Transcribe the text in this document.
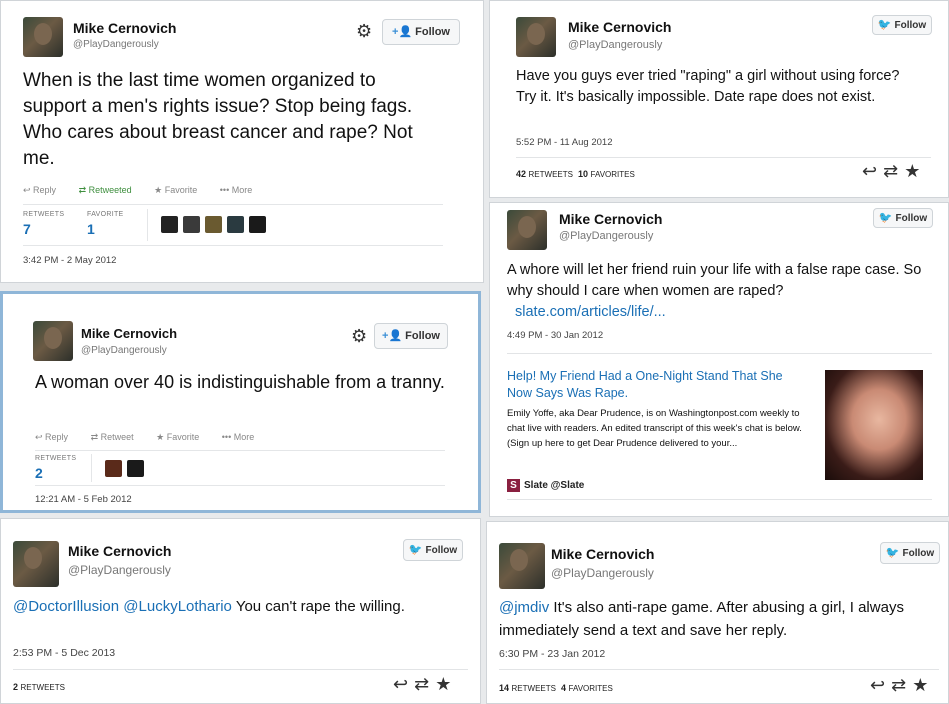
Mike Cernovich
@PlayDangerously
⚙	+👤 Follow
When is the last time women organized to support a men's rights issue? Stop being fags. Who cares about breast cancer and rape? Not me.
↩ Reply	⇄ Retweeted	★ Favorite	••• More
RETWEETS
7
FAVORITE
1
3:42 PM - 2 May 2012
Mike Cernovich
@PlayDangerously
🐦 Follow
Have you guys ever tried "raping" a girl without using force? Try it. It's basically impossible. Date rape does not exist.
5:52 PM - 11 Aug 2012
42 RETWEETS 10 FAVORITES	↩⇄★
Mike Cernovich
@PlayDangerously
🐦 Follow
A whore will let her friend ruin your life with a false rape case. So why should I care when women are raped?
slate.com/articles/life/...
4:49 PM - 30 Jan 2012
Help! My Friend Had a One-Night Stand That She Now Says Was Rape.
Emily Yoffe, aka Dear Prudence, is on Washingtonpost.com weekly to chat live with readers. An edited transcript of this week's chat is below. (Sign up here to get Dear Prudence delivered to your...
S Slate @Slate
Mike Cernovich
@PlayDangerously
⚙	+👤 Follow
A woman over 40 is indistinguishable from a tranny.
↩ Reply	⇄ Retweet	★ Favorite	••• More
RETWEETS
2
12:21 AM - 5 Feb 2012
Mike Cernovich
@PlayDangerously
🐦 Follow
@DoctorIllusion @LuckyLothario You can't rape the willing.
2:53 PM - 5 Dec 2013
2 RETWEETS	↩⇄★
Mike Cernovich
@PlayDangerously
🐦 Follow
@jmdiv It's also anti-rape game. After abusing a girl, I always immediately send a text and save her reply.
6:30 PM - 23 Jan 2012
14 RETWEETS 4 FAVORITES	↩⇄★
